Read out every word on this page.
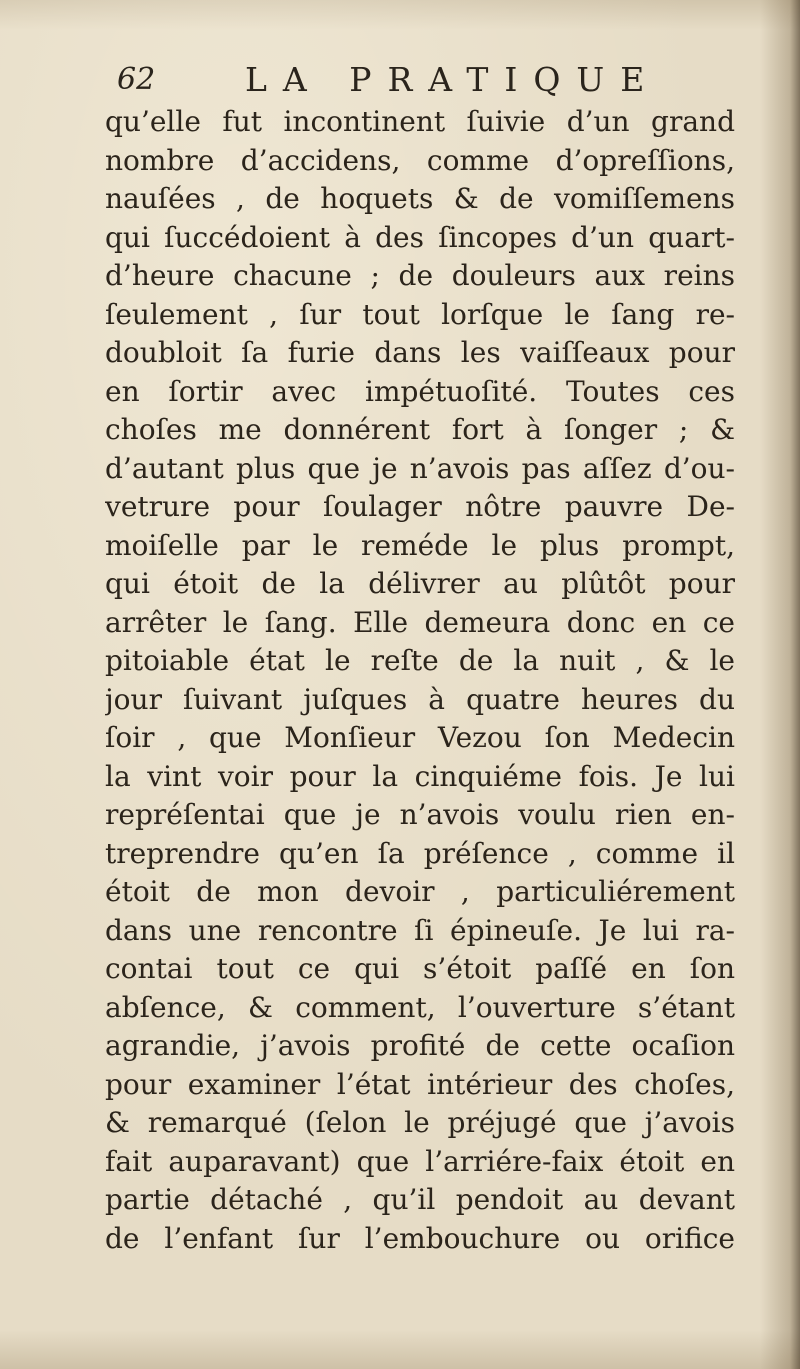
62	LA PRATIQUE
qu’elle fut incontinent ſuivie d’un grand
nombre d’accidens, comme d’opreſſions,
nauſées , de hoquets & de vomiſſemens
qui ſuccédoient à des ſincopes d’un quart-
d’heure chacune ; de douleurs aux reins
ſeulement , ſur tout lorſque le ſang re-
doubloit ſa furie dans les vaiſſeaux pour
en ſortir avec impétuoſité. Toutes ces
choſes me donnérent fort à ſonger ; &
d’autant plus que je n’avois pas aſſez d’ou-
vetrure pour ſoulager nôtre pauvre De-
moiſelle par le reméde le plus prompt,
qui étoit de la délivrer au plûtôt pour
arrêter le ſang. Elle demeura donc en ce
pitoiable état le reſte de la nuit , & le
jour ſuivant juſques à quatre heures du
ſoir , que Monſieur Vezou ſon Medecin
la vint voir pour la cinquiéme fois. Je lui
repréſentai que je n’avois voulu rien en-
treprendre qu’en ſa préſence , comme il
étoit de mon devoir , particuliérement
dans une rencontre ſi épineuſe. Je lui ra-
contai tout ce qui s’étoit paſſé en ſon
abſence, & comment, l’ouverture s’étant
agrandie, j’avois profité de cette ocaſion
pour examiner l’état intérieur des choſes,
& remarqué (ſelon le préjugé que j’avois
fait auparavant) que l’arriére-faix étoit en
partie détaché , qu’il pendoit au devant
de l’enfant ſur l’embouchure ou orifice
